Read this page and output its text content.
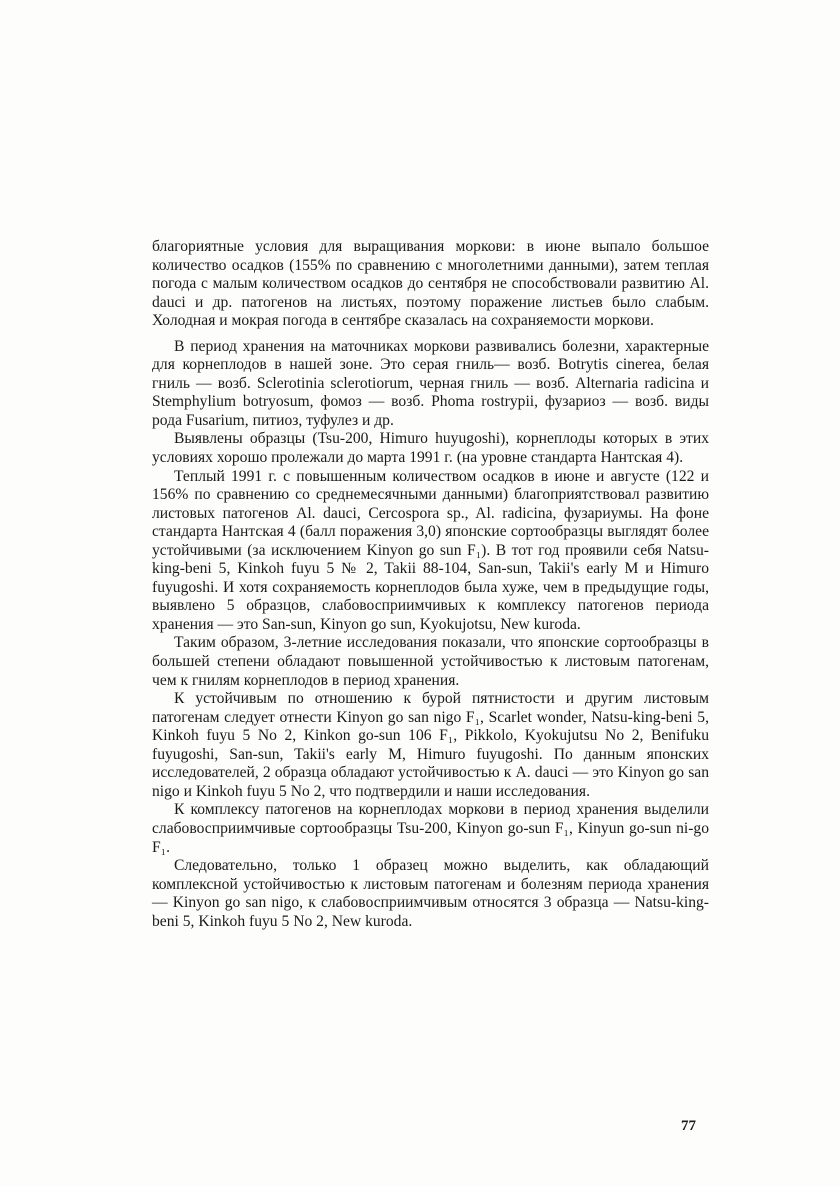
благориятные условия для выращивания моркови: в июне выпало большое количество осадков (155% по сравнению с многолетними данными), затем теплая погода с малым количеством осадков до сентября не способствовали развитию Al. dauci и др. патогенов на листьях, поэтому поражение листьев было слабым. Холодная и мокрая погода в сентябре сказалась на сохраняемости моркови.

В период хранения на маточниках моркови развивались болезни, характерные для корнеплодов в нашей зоне. Это серая гниль— возб. Botrytis cinerea, белая гниль — возб. Sclerotinia sclerotiorum, черная гниль — возб. Alternaria radicina и Stemphylium botryosum, фомоз — возб. Phoma rostrypii, фузариоз — возб. виды рода Fusarium, питиоз, туфулез и др.

Выявлены образцы (Tsu-200, Himuro huyugoshi), корнеплоды которых в этих условиях хорошо пролежали до марта 1991 г. (на уровне стандарта Нантская 4).

Теплый 1991 г. с повышенным количеством осадков в июне и августе (122 и 156% по сравнению со среднемесячными данными) благоприятствовал развитию листовых патогенов Al. dauci, Cercospora sp., Al. radicina, фузариумы. На фоне стандарта Нантская 4 (балл поражения 3,0) японские сортообразцы выглядят более устойчивыми (за исключением Kinyon go sun F₁). В тот год проявили себя Natsu-king-beni 5, Kinkoh fuyu 5 № 2, Takii 88-104, San-sun, Takii's early M и Himuro fuyugoshi. И хотя сохраняемость корнеплодов была хуже, чем в предыдущие годы, выявлено 5 образцов, слабовосприимчивых к комплексу патогенов периода хранения — это San-sun, Kinyon go sun, Kyokujotsu, New kuroda.

Таким образом, 3-летние исследования показали, что японские сортообразцы в большей степени обладают повышенной устойчивостью к листовым патогенам, чем к гнилям корнеплодов в период хранения.

К устойчивым по отношению к бурой пятнистости и другим листовым патогенам следует отнести Kinyon go san nigo F₁, Scarlet wonder, Natsu-king-beni 5, Kinkoh fuyu 5 No 2, Kinkon go-sun 106 F₁, Pikkolo, Kyokujutsu No 2, Benifuku fuyugoshi, San-sun, Takii's early M, Himuro fuyugoshi. По данным японских исследователей, 2 образца обладают устойчивостью к A. dauci — это Kinyon go san nigo и Kinkoh fuyu 5 No 2, что подтвердили и наши исследования.

К комплексу патогенов на корнеплодах моркови в период хранения выделили слабовосприимчивые сортообразцы Tsu-200, Kinyon go-sun F₁, Kinyun go-sun ni-go F₁.

Следовательно, только 1 образец можно выделить, как обладающий комплексной устойчивостью к листовым патогенам и болезням периода хранения — Kinyon go san nigo, к слабовосприимчивым относятся 3 образца — Natsu-king-beni 5, Kinkoh fuyu 5 No 2, New kuroda.

77
